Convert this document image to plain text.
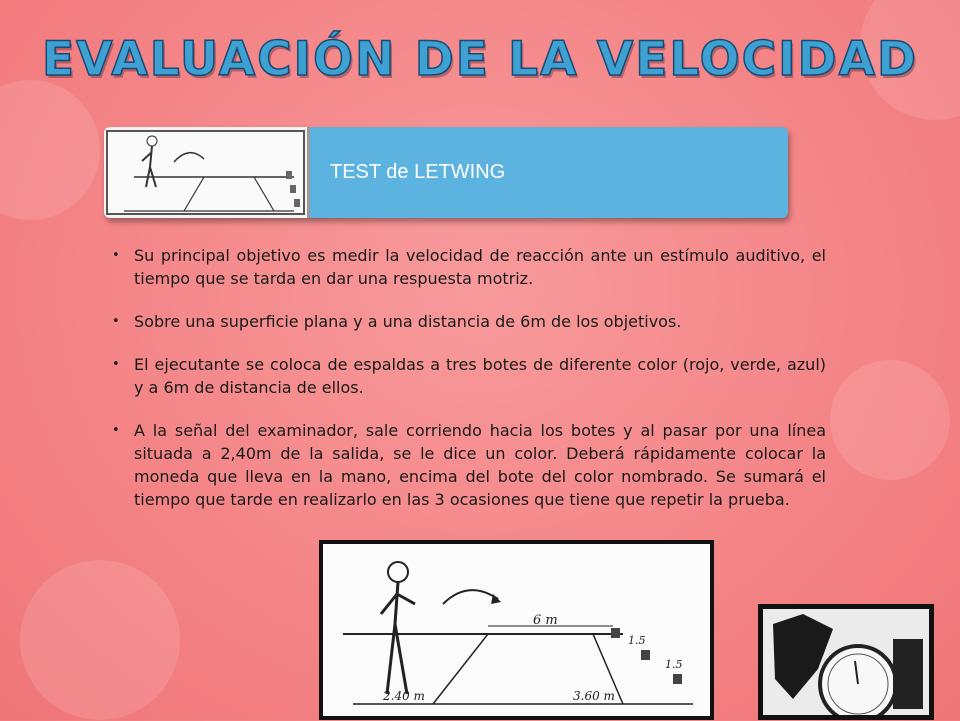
EVALUACIÓN DE LA VELOCIDAD
TEST de LETWING
• Su principal objetivo es medir la velocidad de reacción ante un estímulo auditivo, el tiempo que se tarda en dar una respuesta motriz.
• Sobre una superficie plana y a una distancia de 6m de los objetivos.
• El ejecutante se coloca de espaldas a tres botes de diferente color (rojo, verde, azul) y a 6m de distancia de ellos.
• A la señal del examinador, sale corriendo hacia los botes y al pasar por una línea situada a 2,40m de la salida, se le dice un color. Deberá rápidamente colocar la moneda que lleva en la mano, encima del bote del color nombrado. Se sumará el tiempo que tarde en realizarlo en las 3 ocasiones que tiene que repetir la prueba.
6 m
2.40 m	3.60 m
1.5
1.5
